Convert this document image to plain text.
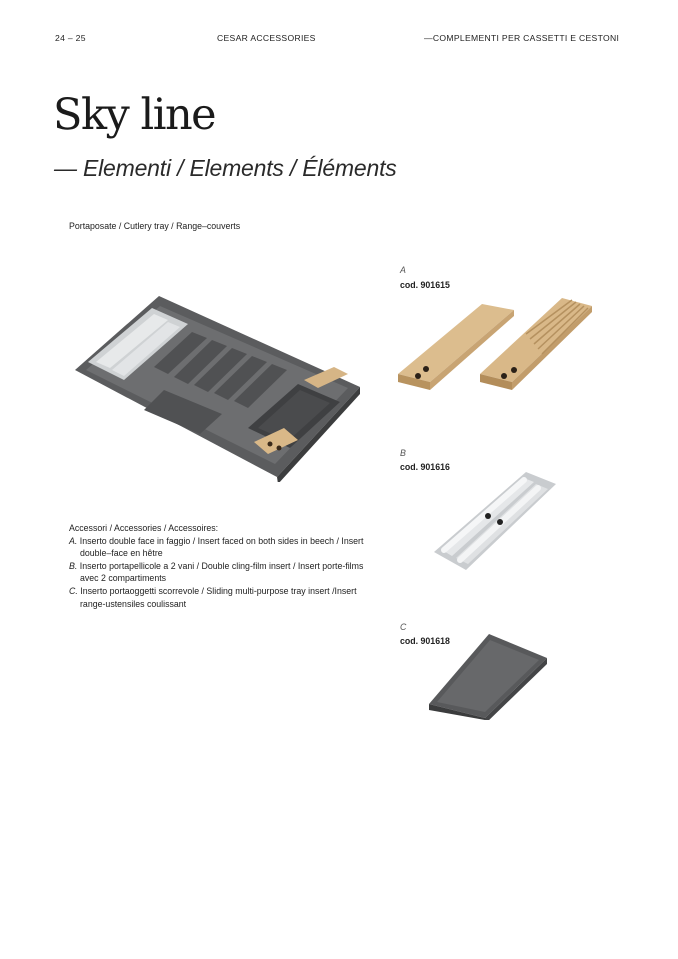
24 – 25	CESAR ACCESSORIES	—COMPLEMENTI PER CASSETTI E CESTONI
Sky line
— Elementi / Elements / Éléments
Portaposate / Cutlery tray / Range–couverts
Accessori / Accessories / Accessoires:
A. Inserto double face in faggio / Insert faced on both sides in beech / Insert double–face en hêtre
B. Inserto portapellicole a 2 vani / Double cling-film insert / Insert porte-films avec 2 compartiments
C. Inserto portaoggetti scorrevole / Sliding multi-purpose tray insert /Insert range-ustensiles coulissant
A
cod. 901615
B
cod. 901616
C
cod. 901618
